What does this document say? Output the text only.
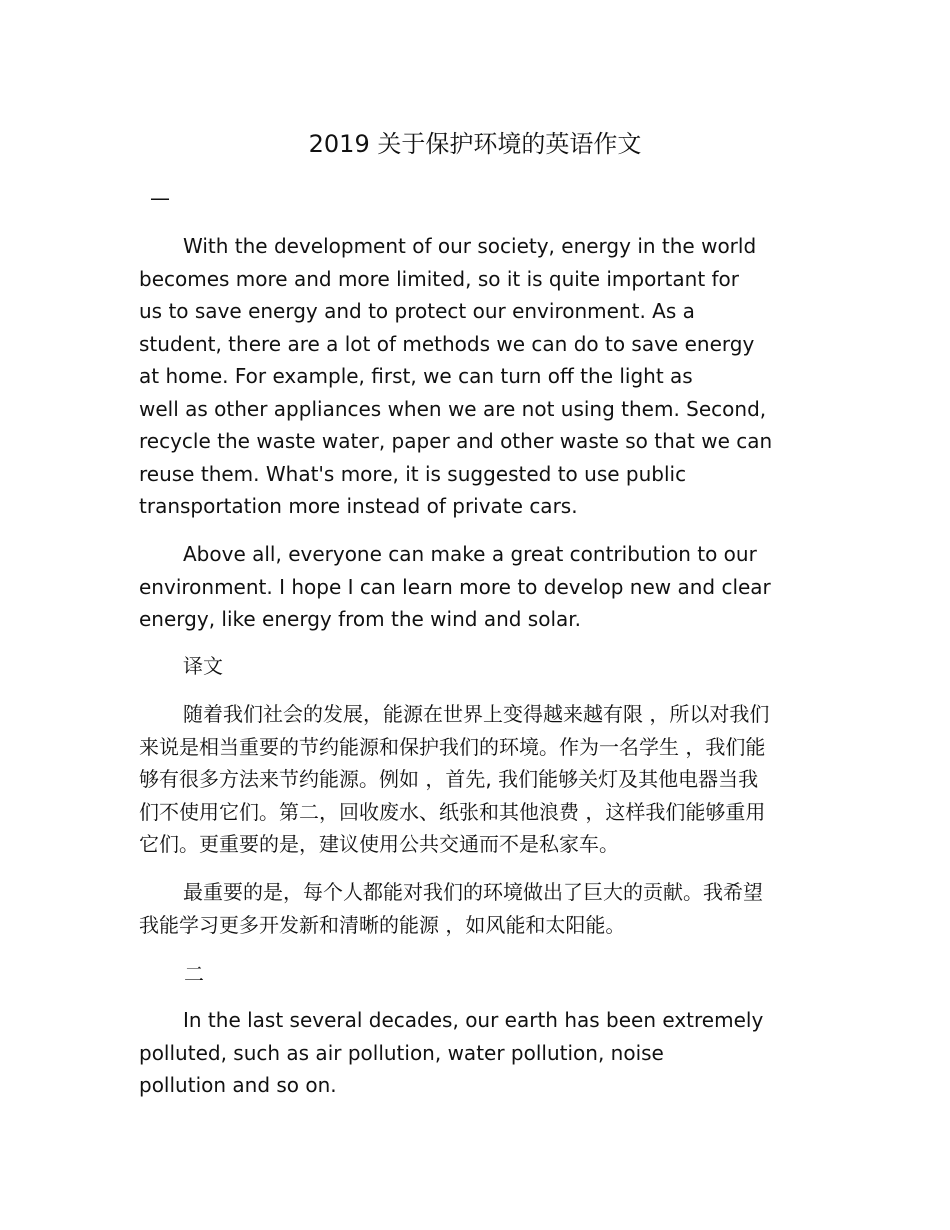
2019 关于保护环境的英语作文
—

With the development of our society, energy in the world
becomes more and more limited, so it is quite important for
us to save energy and to protect our environment. As a
student, there are a lot of methods we can do to save energy
at home. For example, first, we can turn off the light as
well as other appliances when we are not using them. Second,
recycle the waste water, paper and other waste so that we can
reuse them. What's more, it is suggested to use public
transportation more instead of private cars.

Above all, everyone can make a great contribution to our
environment. I hope I can learn more to develop new and clear
energy, like energy from the wind and solar.

译文

随着我们社会的发展，能源在世界上变得越来越有限 ，所以对我们
来说是相当重要的节约能源和保护我们的环境。作为一名学生 ，我们能
够有很多方法来节约能源。例如 ，首先, 我们能够关灯及其他电器当我
们不使用它们。第二，回收废水、纸张和其他浪费 ，这样我们能够重用
它们。更重要的是，建议使用公共交通而不是私家车。

最重要的是，每个人都能对我们的环境做出了巨大的贡献。我希望
我能学习更多开发新和清晰的能源 ，如风能和太阳能。

二

In the last several decades, our earth has been extremely
polluted, such as air pollution, water pollution, noise
pollution and so on.
